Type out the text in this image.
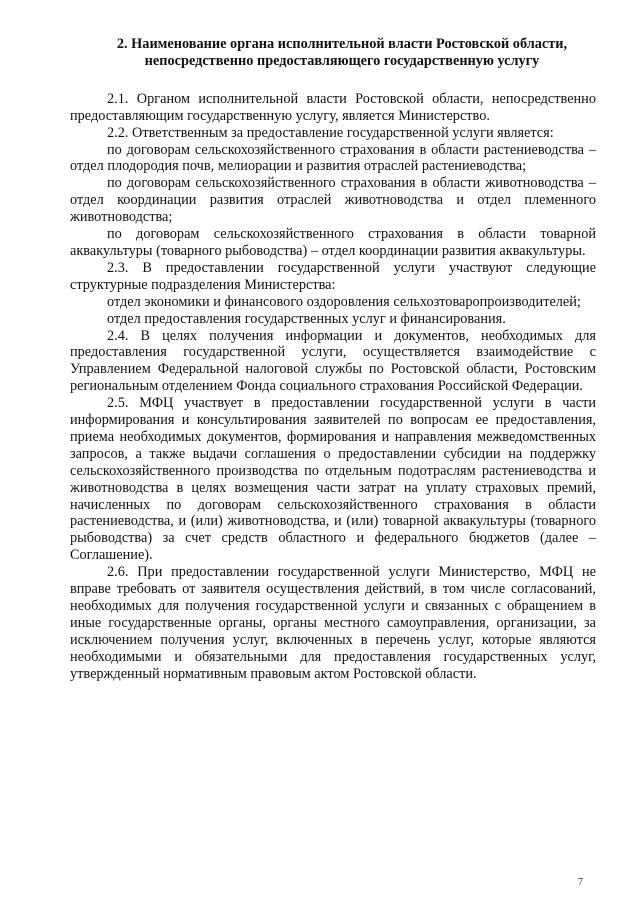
2. Наименование органа исполнительной власти Ростовской области,
непосредственно предоставляющего государственную услугу

2.1. Органом исполнительной власти Ростовской области, непосредственно предоставляющим государственную услугу, является Министерство.

2.2. Ответственным за предоставление государственной услуги является:

по договорам сельскохозяйственного страхования в области растениеводства – отдел плодородия почв, мелиорации и развития отраслей растениеводства;

по договорам сельскохозяйственного страхования в области животноводства – отдел координации развития отраслей животноводства и отдел племенного животноводства;

по договорам сельскохозяйственного страхования в области товарной аквакультуры (товарного рыбоводства) – отдел координации развития аквакультуры.

2.3. В предоставлении государственной услуги участвуют следующие структурные подразделения Министерства:

отдел экономики и финансового оздоровления сельхозтоваропроизводителей;

отдел предоставления государственных услуг и финансирования.

2.4. В целях получения информации и документов, необходимых для предоставления государственной услуги, осуществляется взаимодействие с Управлением Федеральной налоговой службы по Ростовской области, Ростовским региональным отделением Фонда социального страхования Российской Федерации.

2.5. МФЦ участвует в предоставлении государственной услуги в части информирования и консультирования заявителей по вопросам ее предоставления, приема необходимых документов, формирования и направления межведомственных запросов, а также выдачи соглашения о предоставлении субсидии на поддержку сельскохозяйственного производства по отдельным подотраслям растениеводства и животноводства в целях возмещения части затрат на уплату страховых премий, начисленных по договорам сельскохозяйственного страхования в области растениеводства, и (или) животноводства, и (или) товарной аквакультуры (товарного рыбоводства) за счет средств областного и федерального бюджетов (далее – Соглашение).

2.6. При предоставлении государственной услуги Министерство, МФЦ не вправе требовать от заявителя осуществления действий, в том числе согласований, необходимых для получения государственной услуги и связанных с обращением в иные государственные органы, органы местного самоуправления, организации, за исключением получения услуг, включенных в перечень услуг, которые являются необходимыми и обязательными для предоставления государственных услуг, утвержденный нормативным правовым актом Ростовской области.

7
